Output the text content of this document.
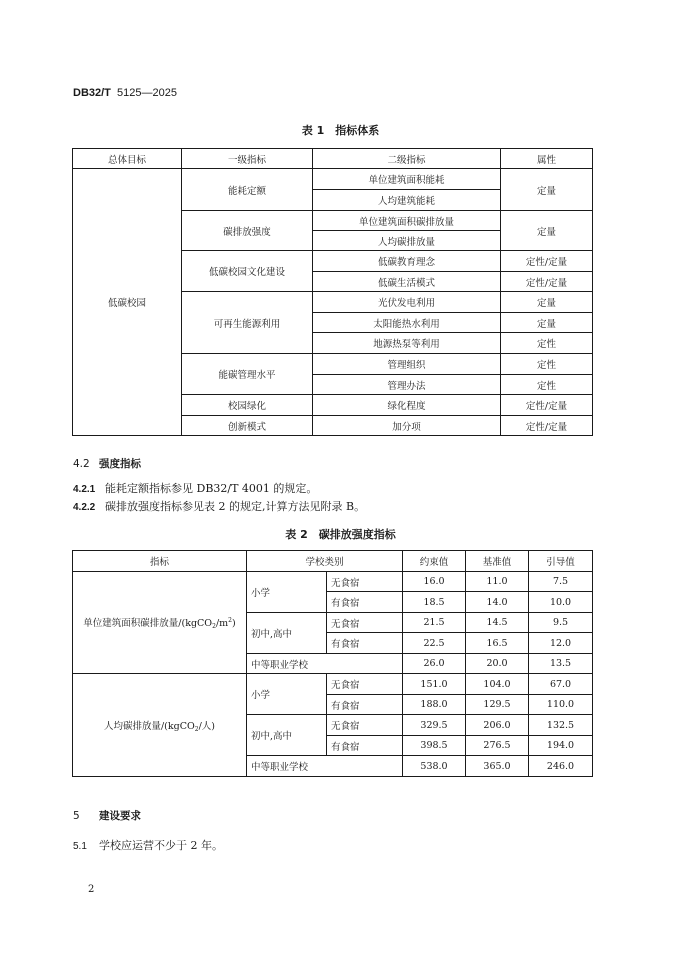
DB32/T 5125—2025
表 1　指标体系
总体目标	一级指标	二级指标	属性
低碳校园	能耗定额	单位建筑面积能耗	定量
		人均建筑能耗	
	碳排放强度	单位建筑面积碳排放量	定量
		人均碳排放量	
	低碳校园文化建设	低碳教育理念	定性/定量
		低碳生活模式	定性/定量
	可再生能源利用	光伏发电利用	定量
		太阳能热水利用	定量
		地源热泵等利用	定性
	能碳管理水平	管理组织	定性
		管理办法	定性
	校园绿化	绿化程度	定性/定量
	创新模式	加分项	定性/定量
4.2 强度指标
4.2.1 能耗定额指标参见 DB32/T 4001 的规定。
4.2.2 碳排放强度指标参见表 2 的规定,计算方法见附录 B。
表 2　碳排放强度指标
指标	学校类别		约束值	基准值	引导值
单位建筑面积碳排放量$/(kgCO_2/m^2)$	小学	无食宿	16.0	11.0	7.5
		有食宿	18.5	14.0	10.0
	初中,高中	无食宿	21.5	14.5	9.5
		有食宿	22.5	16.5	12.0
	中等职业学校		26.0	20.0	13.5
人均碳排放量/(kgCO$_2$/人)	小学	无食宿	151.0	104.0	67.0
		有食宿	188.0	129.5	110.0
	初中,高中	无食宿	329.5	206.0	132.5
		有食宿	398.5	276.5	194.0
	中等职业学校		538.0	365.0	246.0
5 建设要求
5.1 学校应运营不少于 2 年。
2
